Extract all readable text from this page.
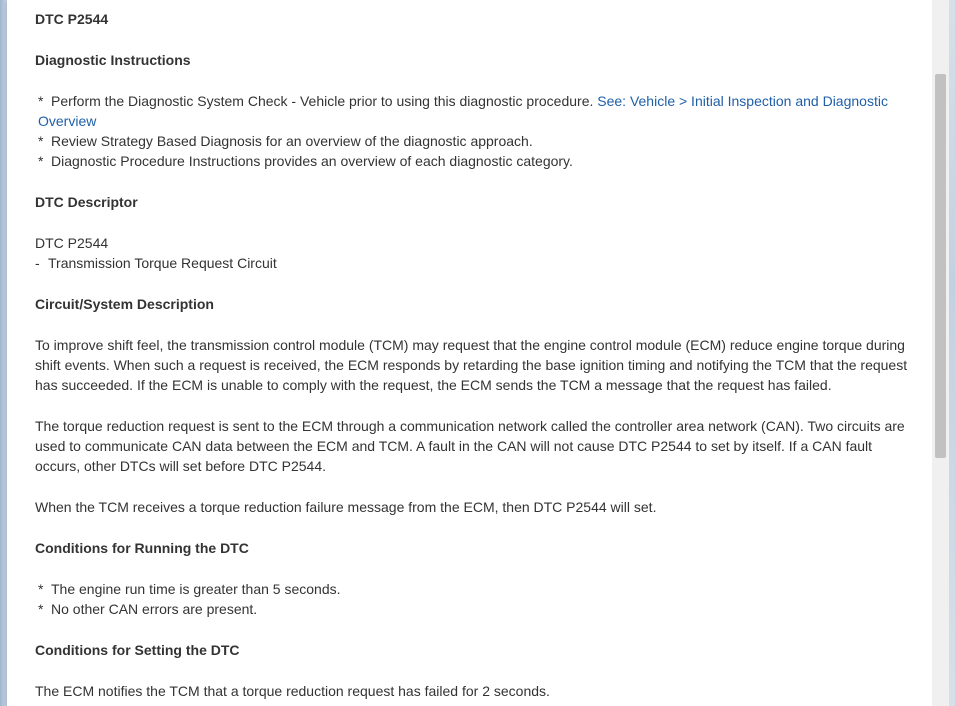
DTC P2544

Diagnostic Instructions

* Perform the Diagnostic System Check - Vehicle prior to using this diagnostic procedure. See: Vehicle > Initial Inspection and Diagnostic Overview

* Review Strategy Based Diagnosis for an overview of the diagnostic approach.

* Diagnostic Procedure Instructions provides an overview of each diagnostic category.

DTC Descriptor

DTC P2544

- Transmission Torque Request Circuit

Circuit/System Description

To improve shift feel, the transmission control module (TCM) may request that the engine control module (ECM) reduce engine torque during shift events. When such a request is received, the ECM responds by retarding the base ignition timing and notifying the TCM that the request has succeeded. If the ECM is unable to comply with the request, the ECM sends the TCM a message that the request has failed.

The torque reduction request is sent to the ECM through a communication network called the controller area network (CAN). Two circuits are used to communicate CAN data between the ECM and TCM. A fault in the CAN will not cause DTC P2544 to set by itself. If a CAN fault occurs, other DTCs will set before DTC P2544.

When the TCM receives a torque reduction failure message from the ECM, then DTC P2544 will set.

Conditions for Running the DTC

* The engine run time is greater than 5 seconds.

* No other CAN errors are present.

Conditions for Setting the DTC

The ECM notifies the TCM that a torque reduction request has failed for 2 seconds.
